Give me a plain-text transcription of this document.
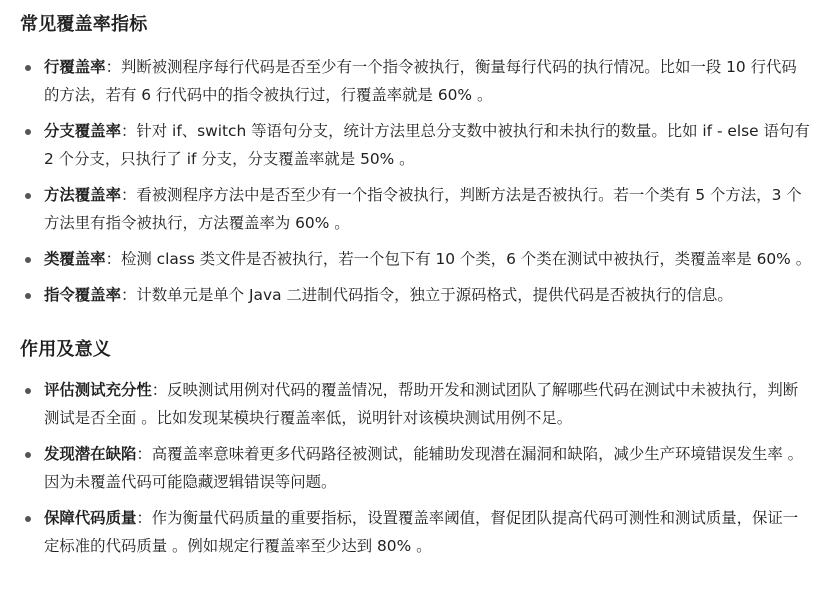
常见覆盖率指标
行覆盖率：判断被测程序每行代码是否至少有一个指令被执行，衡量每行代码的执行情况。比如一段 10 行代码的方法，若有 6 行代码中的指令被执行过，行覆盖率就是 60% 。
分支覆盖率：针对 if、switch 等语句分支，统计方法里总分支数中被执行和未执行的数量。比如 if - else 语句有 2 个分支，只执行了 if 分支，分支覆盖率就是 50% 。
方法覆盖率：看被测程序方法中是否至少有一个指令被执行，判断方法是否被执行。若一个类有 5 个方法，3 个方法里有指令被执行，方法覆盖率为 60% 。
类覆盖率：检测 class 类文件是否被执行，若一个包下有 10 个类，6 个类在测试中被执行，类覆盖率是 60% 。
指令覆盖率：计数单元是单个 Java 二进制代码指令，独立于源码格式，提供代码是否被执行的信息。
作用及意义
评估测试充分性：反映测试用例对代码的覆盖情况，帮助开发和测试团队了解哪些代码在测试中未被执行，判断测试是否全面 。比如发现某模块行覆盖率低，说明针对该模块测试用例不足。
发现潜在缺陷：高覆盖率意味着更多代码路径被测试，能辅助发现潜在漏洞和缺陷，减少生产环境错误发生率 。因为未覆盖代码可能隐藏逻辑错误等问题。
保障代码质量：作为衡量代码质量的重要指标，设置覆盖率阈值，督促团队提高代码可测性和测试质量，保证一定标准的代码质量 。例如规定行覆盖率至少达到 80% 。
